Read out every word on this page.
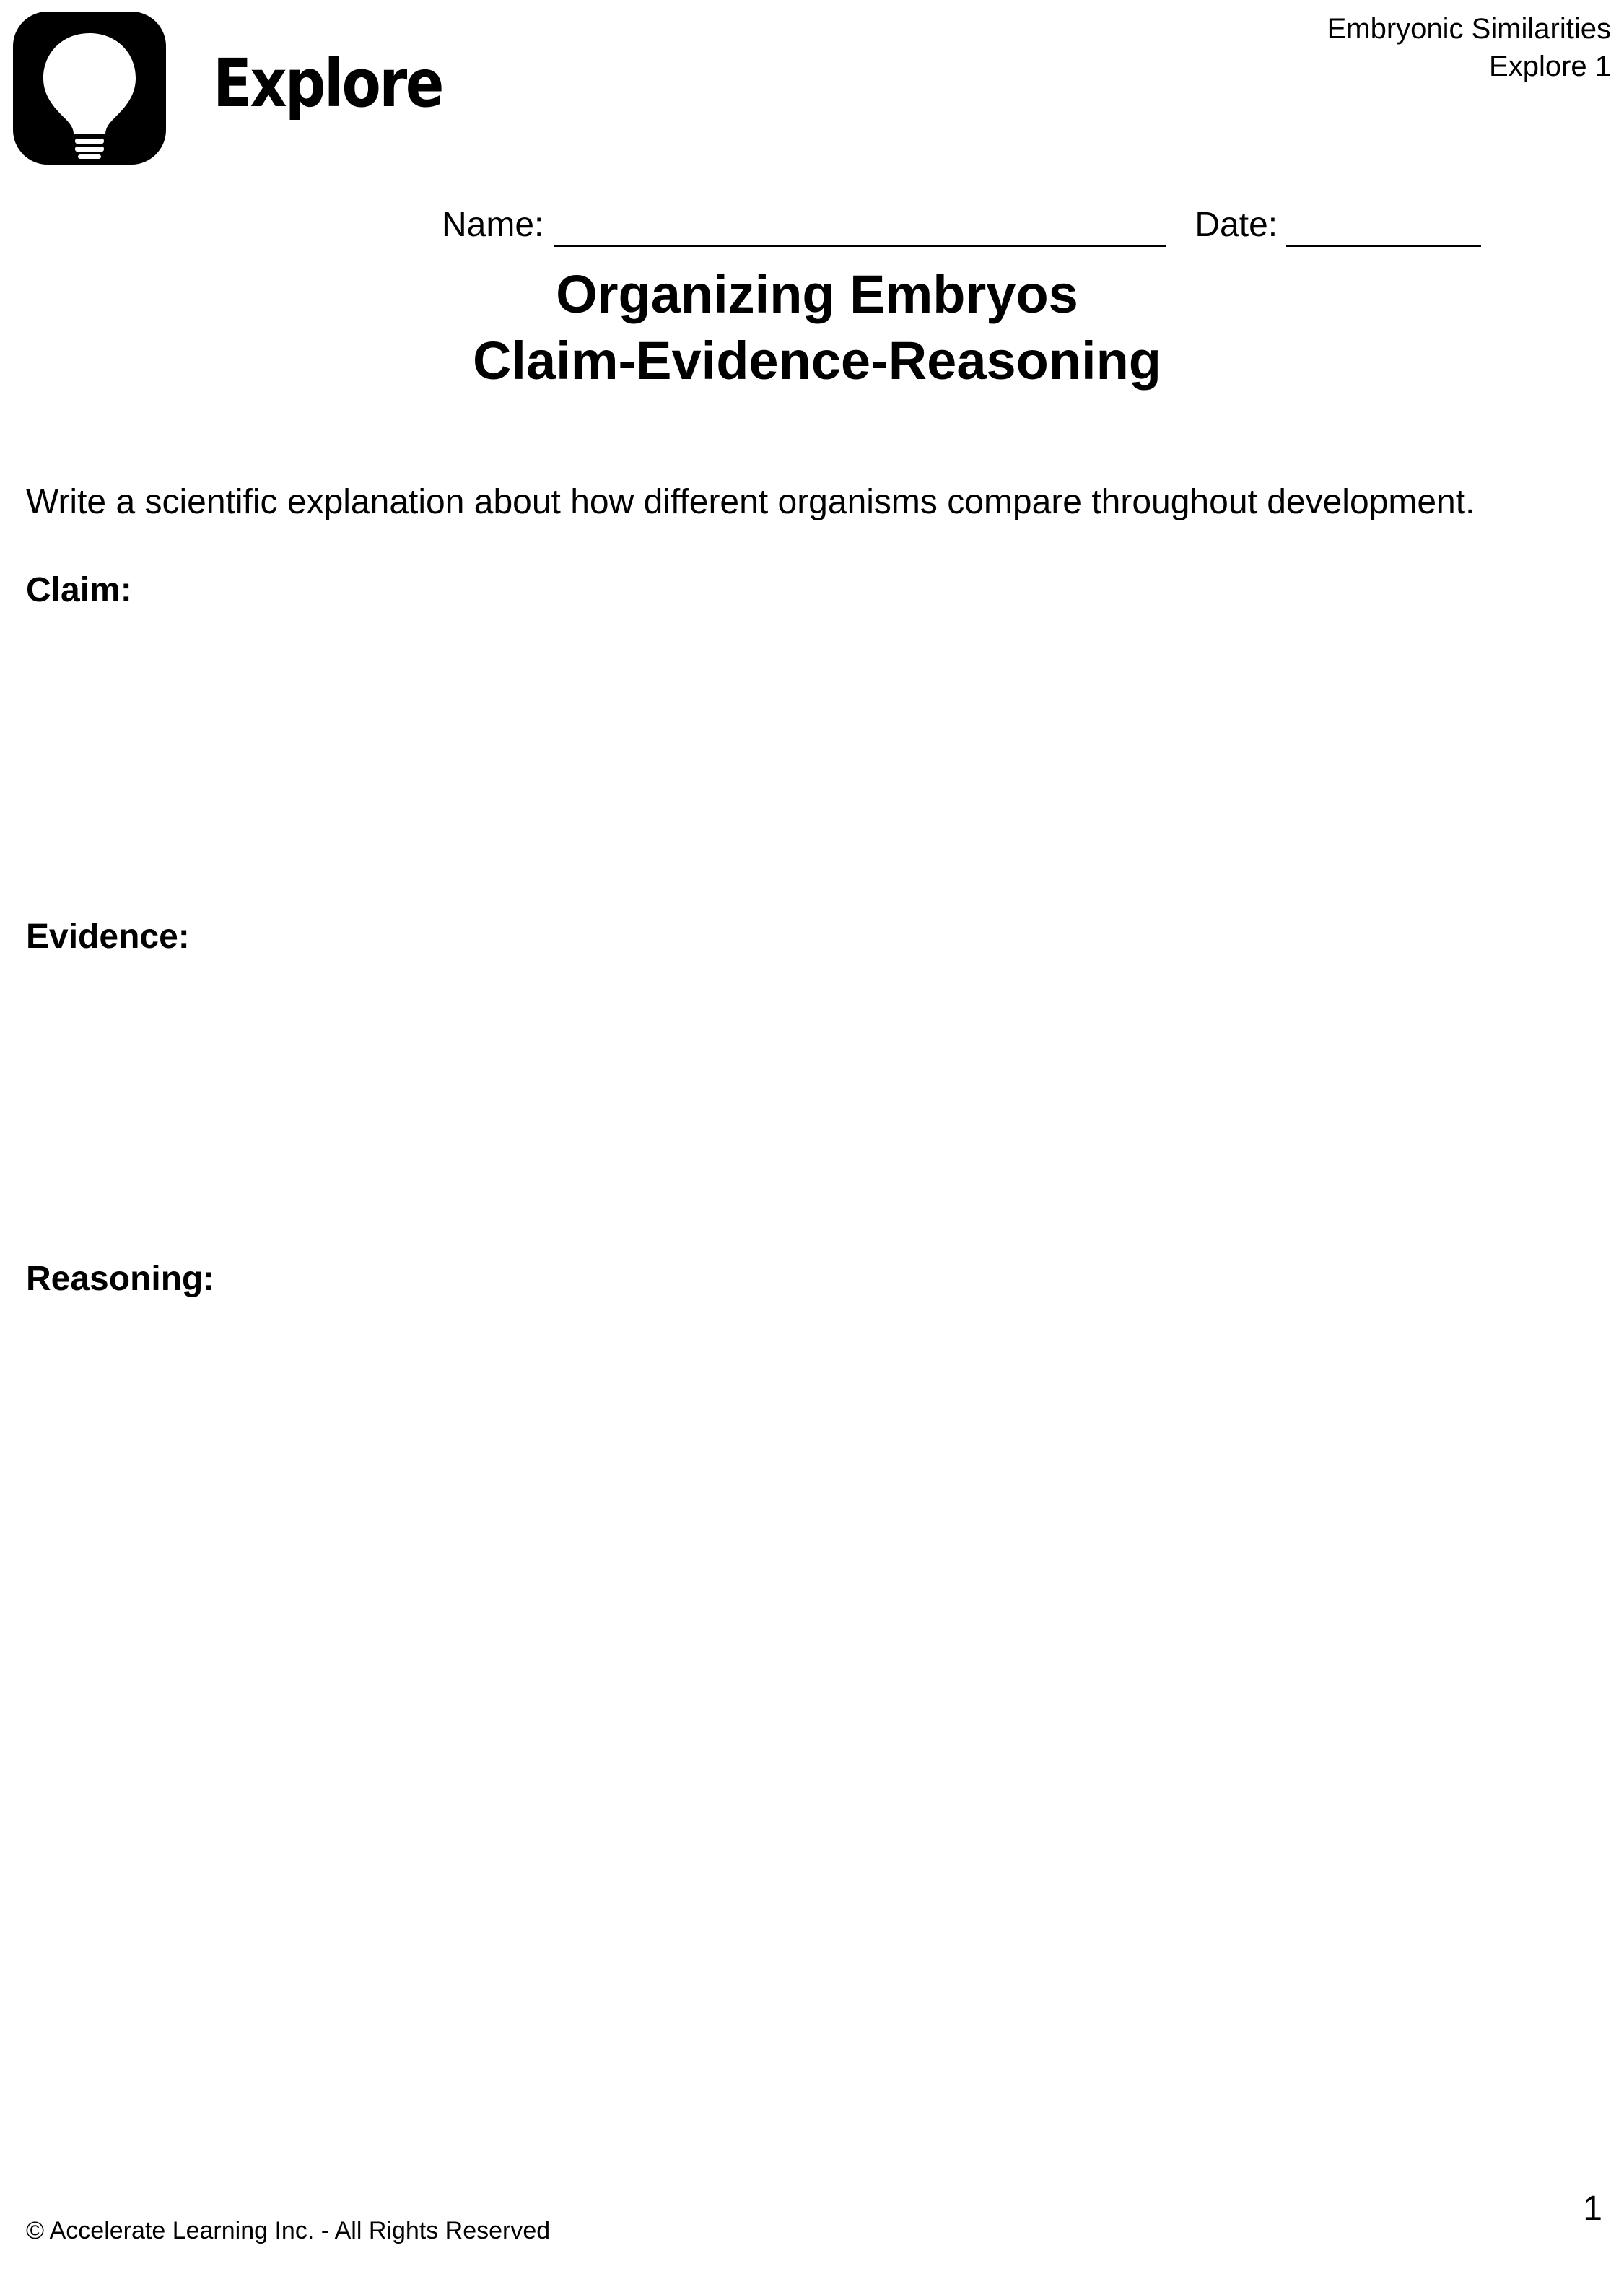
Explore
Embryonic Similarities
Explore 1
Name:	Date:
Organizing Embryos
Claim-Evidence-Reasoning
Write a scientific explanation about how different organisms compare throughout development.
Claim:
Evidence:
Reasoning:
© Accelerate Learning Inc. - All Rights Reserved
1
